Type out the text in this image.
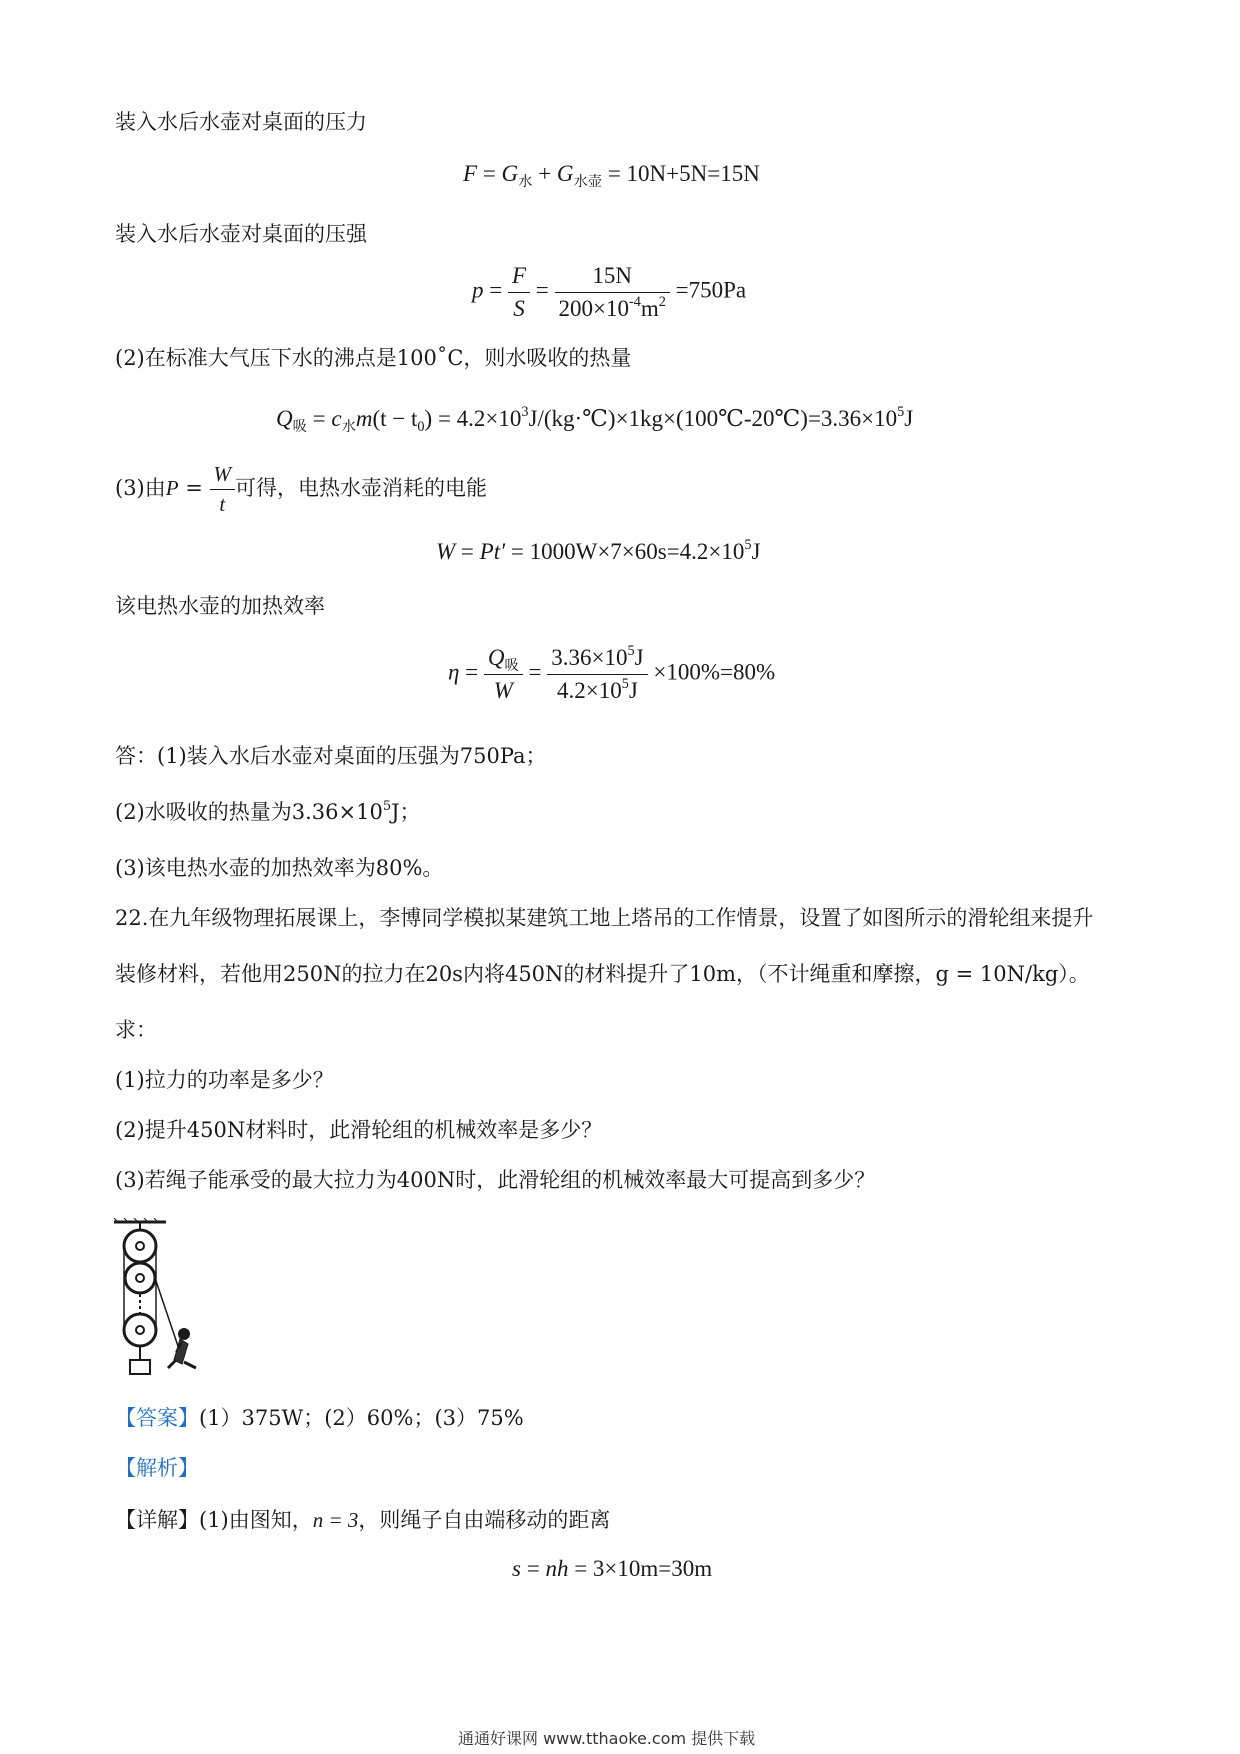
装入水后水壶对桌面的压力
$F = G_水 + G_{水壶} = 10N+5N=15N$
装入水后水壶对桌面的压强
$p = \frac{F}{S} = \frac{15N}{200\times 10^{-4}m^2} =750Pa$
(2)在标准大气压下水的沸点是100˚C，则水吸收的热量
$Q_吸 = c_水m(t - t_0)$ = $4.2\times 10^3J/(kg\cdot℃)\times 1kg\times(100℃-20℃)=3.36\times 10^5J$
(3)由$P = \frac{W}{t}$ 可得，电热水壶消耗的电能
$W = Pt' = 1000W\times 7\times 60s=4.2\times 10^5J$
该电热水壶的加热效率
$\eta = \frac{Q_吸}{W} = \frac{3.36\times 10^5J}{4.2\times 10^5J} \times 100\%=80\%$
答：(1)装入水后水壶对桌面的压强为750Pa；
(2)水吸收的热量为$3.36\times 10^5J$；
(3)该电热水壶的加热效率为80%。
22.在九年级物理拓展课上，李博同学模拟某建筑工地上塔吊的工作情景，设置了如图所示的滑轮组来提升
装修材料，若他用250N的拉力在20s内将450N的材料提升了10m，（不计绳重和摩擦，g = 10N/kg）。
求：
(1)拉力的功率是多少？
(2)提升450N材料时，此滑轮组的机械效率是多少？
(3)若绳子能承受的最大拉力为400N时，此滑轮组的机械效率最大可提高到多少？
【答案】(1）375W；(2）60%；(3）75%
【解析】
【详解】(1)由图知，n = 3，则绳子自由端移动的距离
s = nh = 3×10m=30m
通通好课网 www.tthaoke.com 提供下载
